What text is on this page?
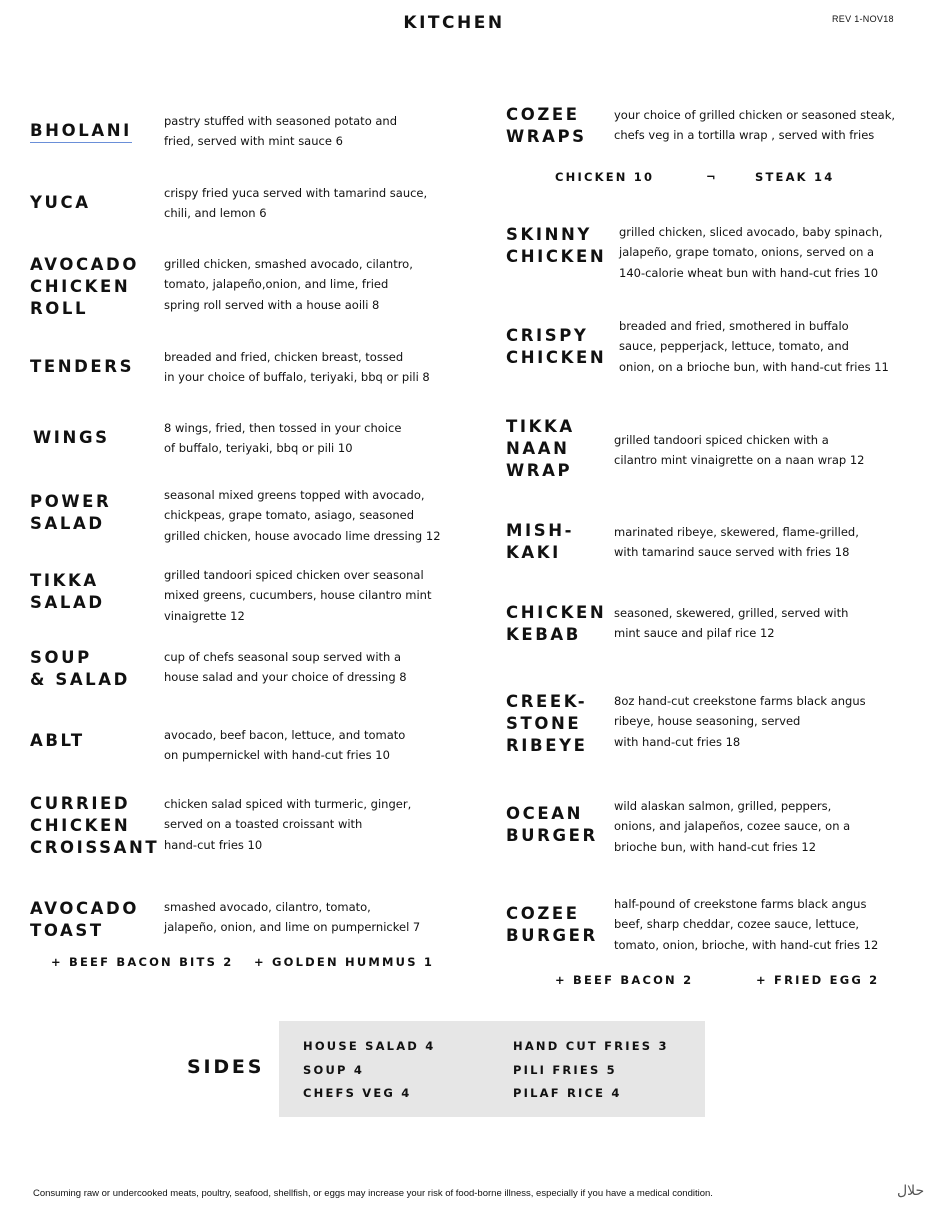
KITCHEN	REV 1-NOV18
BHOLANI	pastry stuffed with seasoned potato and
fried, served with mint sauce 6
YUCA	crispy fried yuca served with tamarind sauce,
chili, and lemon 6
AVOCADO
CHICKEN
ROLL
grilled chicken, smashed avocado, cilantro,
tomato, jalapeño,onion, and lime, fried
spring roll served with a house aoili 8
TENDERS	breaded and fried, chicken breast, tossed
in your choice of buffalo, teriyaki, bbq or pili 8
WINGS	8 wings, fried, then tossed in your choice
of buffalo, teriyaki, bbq or pili 10
POWER
SALAD
seasonal mixed greens topped with avocado,
chickpeas, grape tomato, asiago, seasoned
grilled chicken, house avocado lime dressing 12
TIKKA
SALAD
grilled tandoori spiced chicken over seasonal
mixed greens, cucumbers, house cilantro mint
vinaigrette 12
SOUP
& SALAD
cup of chefs seasonal soup served with a
house salad and your choice of dressing 8
ABLT	avocado, beef bacon, lettuce, and tomato
on pumpernickel with hand-cut fries 10
CURRIED
CHICKEN
CROISSANT
chicken salad spiced with turmeric, ginger,
served on a toasted croissant with
hand-cut fries 10
AVOCADO
TOAST
smashed avocado, cilantro, tomato,
jalapeño, onion, and lime on pumpernickel 7
+ BEEF BACON BITS 2 + GOLDEN HUMMUS 1
COZEE
WRAPS
your choice of grilled chicken or seasoned steak,
chefs veg in a tortilla wrap , served with fries
CHICKEN 10	¬	STEAK 14
SKINNY
CHICKEN
grilled chicken, sliced avocado, baby spinach,
jalapeño, grape tomato, onions, served on a
140-calorie wheat bun with hand-cut fries 10
CRISPY
CHICKEN
breaded and fried, smothered in buffalo
sauce, pepperjack, lettuce, tomato, and
onion, on a brioche bun, with hand-cut fries 11
TIKKA
NAAN
WRAP
grilled tandoori spiced chicken with a
cilantro mint vinaigrette on a naan wrap 12
MISH-
KAKI
marinated ribeye, skewered, flame-grilled,
with tamarind sauce served with fries 18
CHICKEN
KEBAB
seasoned, skewered, grilled, served with
mint sauce and pilaf rice 12
CREEK-
STONE
RIBEYE
8oz hand-cut creekstone farms black angus
ribeye, house seasoning, served
with hand-cut fries 18
OCEAN
BURGER
wild alaskan salmon, grilled, peppers,
onions, and jalapeños, cozee sauce, on a
brioche bun, with hand-cut fries 12
COZEE
BURGER
half-pound of creekstone farms black angus
beef, sharp cheddar, cozee sauce, lettuce,
tomato, onion, brioche, with hand-cut fries 12
+ BEEF BACON 2	+ FRIED EGG 2
SIDES
HOUSE SALAD 4
SOUP 4
CHEFS VEG 4
HAND CUT FRIES 3
PILI FRIES 5
PILAF RICE 4
Consuming raw or undercooked meats, poultry, seafood, shellfish, or eggs may increase your risk of food-borne illness, especially if you have a medical condition.	حلال
